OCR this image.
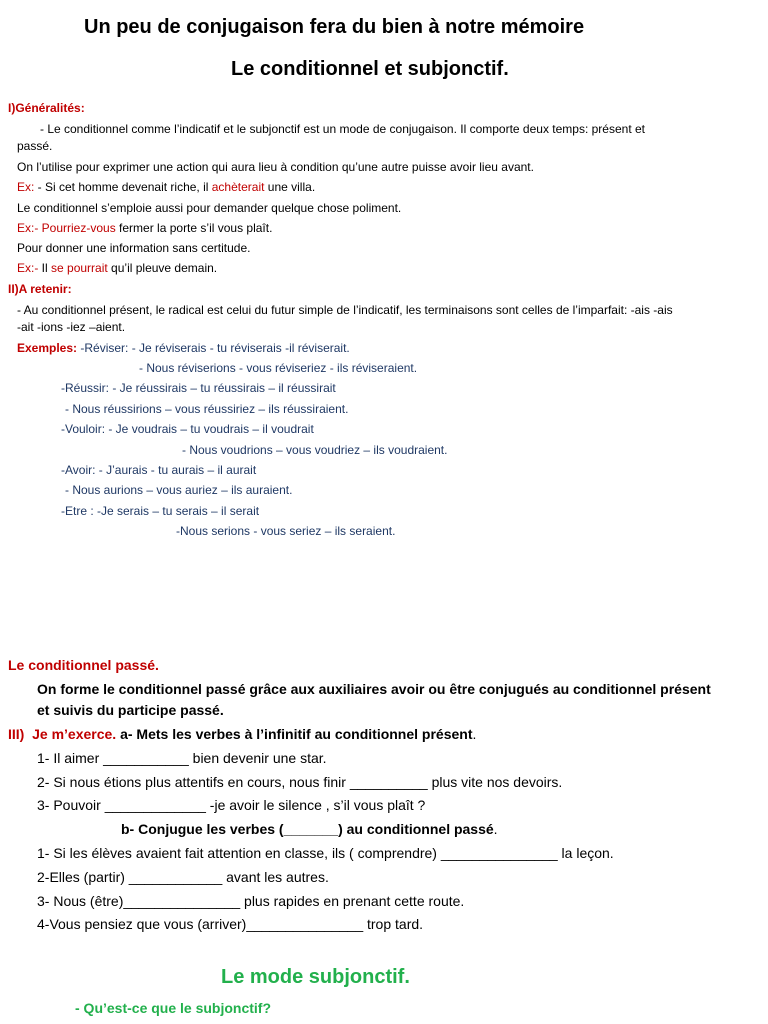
Un peu de conjugaison fera du bien à notre mémoire
Le conditionnel et subjonctif.
I)Généralités:
- Le conditionnel comme l’indicatif et le subjonctif est un mode de conjugaison. Il comporte deux temps: présent et
passé.
On l’utilise pour exprimer une action qui aura lieu à condition qu’une autre puisse avoir lieu avant.
Ex: - Si cet homme devenait riche, il achèterait une villa.
Le conditionnel s’emploie aussi pour demander quelque chose poliment.
Ex:- Pourriez-vous fermer la porte s’il vous plaît.
Pour donner une information sans certitude.
Ex:- Il se pourrait qu’il pleuve demain.
II)A retenir:
- Au conditionnel présent, le radical est celui du futur simple de l’indicatif, les terminaisons sont celles de l’imparfait: -ais -ais
-ait -ions -iez –aient.
Exemples: -Réviser: - Je réviserais - tu réviserais -il réviserait.
- Nous réviserions - vous réviseriez - ils réviseraient.
-Réussir: - Je réussirais – tu réussirais – il réussirait
- Nous réussirions – vous réussiriez – ils réussiraient.
-Vouloir: - Je voudrais – tu voudrais – il voudrait
- Nous voudrions – vous voudriez – ils voudraient.
-Avoir: - J’aurais - tu aurais – il aurait
- Nous aurions – vous auriez – ils auraient.
-Etre : -Je serais – tu serais – il serait
-Nous serions - vous seriez – ils seraient.
Le conditionnel passé.
On forme le conditionnel passé grâce aux auxiliaires avoir ou être conjugués au conditionnel présent
et suivis du participe passé.
III) Je m’exerce. a- Mets les verbes à l’infinitif au conditionnel présent.
1- Il aimer ___________ bien devenir une star.
2- Si nous étions plus attentifs en cours, nous finir __________ plus vite nos devoirs.
3- Pouvoir _____________ -je avoir le silence , s’il vous plaît ?
b- Conjugue les verbes (_______) au conditionnel passé.
1- Si les élèves avaient fait attention en classe, ils ( comprendre) _______________ la leçon.
2-Elles (partir) ____________ avant les autres.
3- Nous (être)_______________ plus rapides en prenant cette route.
4-Vous pensiez que vous (arriver)_______________ trop tard.
Le mode subjonctif.
- Qu’est-ce que le subjonctif?
